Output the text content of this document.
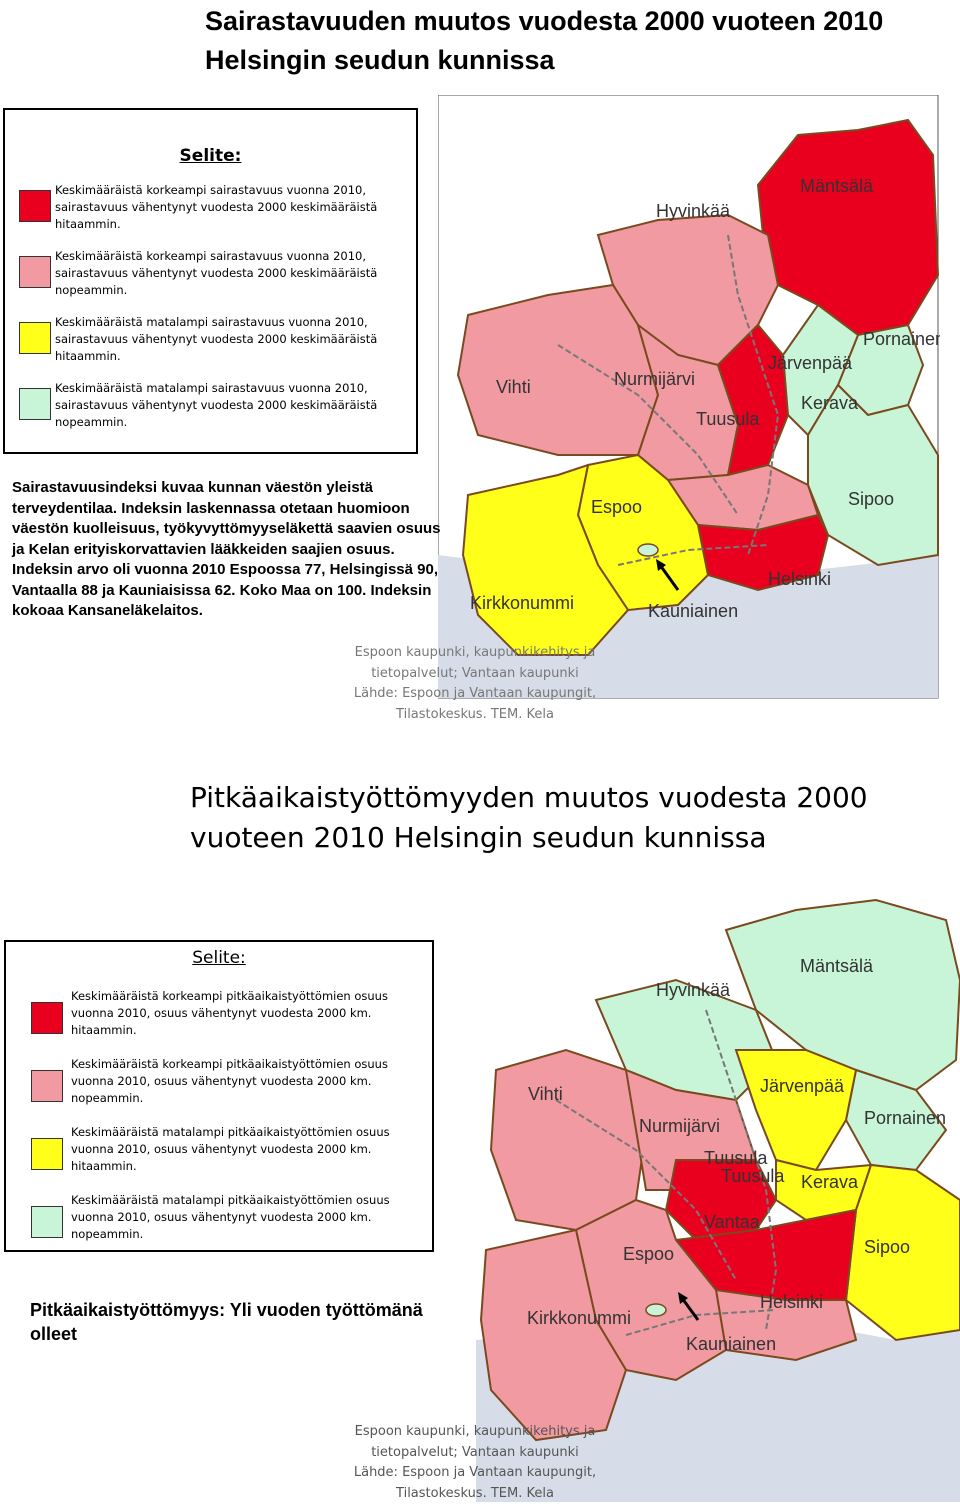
Sairastavuuden muutos vuodesta 2000 vuoteen 2010 Helsingin seudun kunnissa
Hyvinkää
Mäntsälä
Pornainen
Järvenpää
Vihti	Nurmijärvi
Kerava
Tuusula
Espoo	Sipoo
Helsinki
Kirkkonummi	Kauniainen
Selite:
Keskimääräistä korkeampi sairastavuus vuonna 2010, sairastavuus vähentynyt vuodesta 2000 keskimääräistä hitaammin.
Keskimääräistä korkeampi sairastavuus vuonna 2010, sairastavuus vähentynyt vuodesta 2000 keskimääräistä nopeammin.
Keskimääräistä matalampi sairastavuus vuonna 2010, sairastavuus vähentynyt vuodesta 2000 keskimääräistä hitaammin.
Keskimääräistä matalampi sairastavuus vuonna 2010, sairastavuus vähentynyt vuodesta 2000 keskimääräistä nopeammin.
Sairastavuusindeksi kuvaa kunnan väestön yleistä terveydentilaa. Indeksin laskennassa otetaan huomioon väestön kuolleisuus, työkyvyttömyyseläkettä saavien osuus ja Kelan erityiskorvattavien lääkkeiden saajien osuus. Indeksin arvo oli vuonna 2010 Espoossa 77, Helsingissä 90, Vantaalla 88 ja Kauniaisissa 62. Koko Maa on 100. Indeksin kokoaa Kansaneläkelaitos.
Espoon kaupunki, kaupunkikehitys ja
tietopalvelut; Vantaan kaupunki
Lähde: Espoon ja Vantaan kaupungit,
Tilastokeskus. TEM. Kela
Pitkäaikaistyöttömyyden muutos vuodesta 2000 vuoteen 2010 Helsingin seudun kunnissa
Mäntsälä
Hyvinkää
Järvenpää
Vihti
Pornainen
Nurmijärvi
Tuusula
Tuusula Kerava
Vantaa
Espoo	Sipoo
Helsinki
Kirkkonummi
Kauniainen
Selite:
Keskimääräistä korkeampi pitkäaikaistyöttömien osuus vuonna 2010, osuus vähentynyt vuodesta 2000 km. hitaammin.
Keskimääräistä korkeampi pitkäaikaistyöttömien osuus vuonna 2010, osuus vähentynyt vuodesta 2000 km. nopeammin.
Keskimääräistä matalampi pitkäaikaistyöttömien osuus vuonna 2010, osuus vähentynyt vuodesta 2000 km. hitaammin.
Keskimääräistä matalampi pitkäaikaistyöttömien osuus vuonna 2010, osuus vähentynyt vuodesta 2000 km. nopeammin.
Pitkäaikaistyöttömyys: Yli vuoden työttömänä olleet
Espoon kaupunki, kaupunkikehitys ja
tietopalvelut; Vantaan kaupunki
Lähde: Espoon ja Vantaan kaupungit,
Tilastokeskus. TEM. Kela
